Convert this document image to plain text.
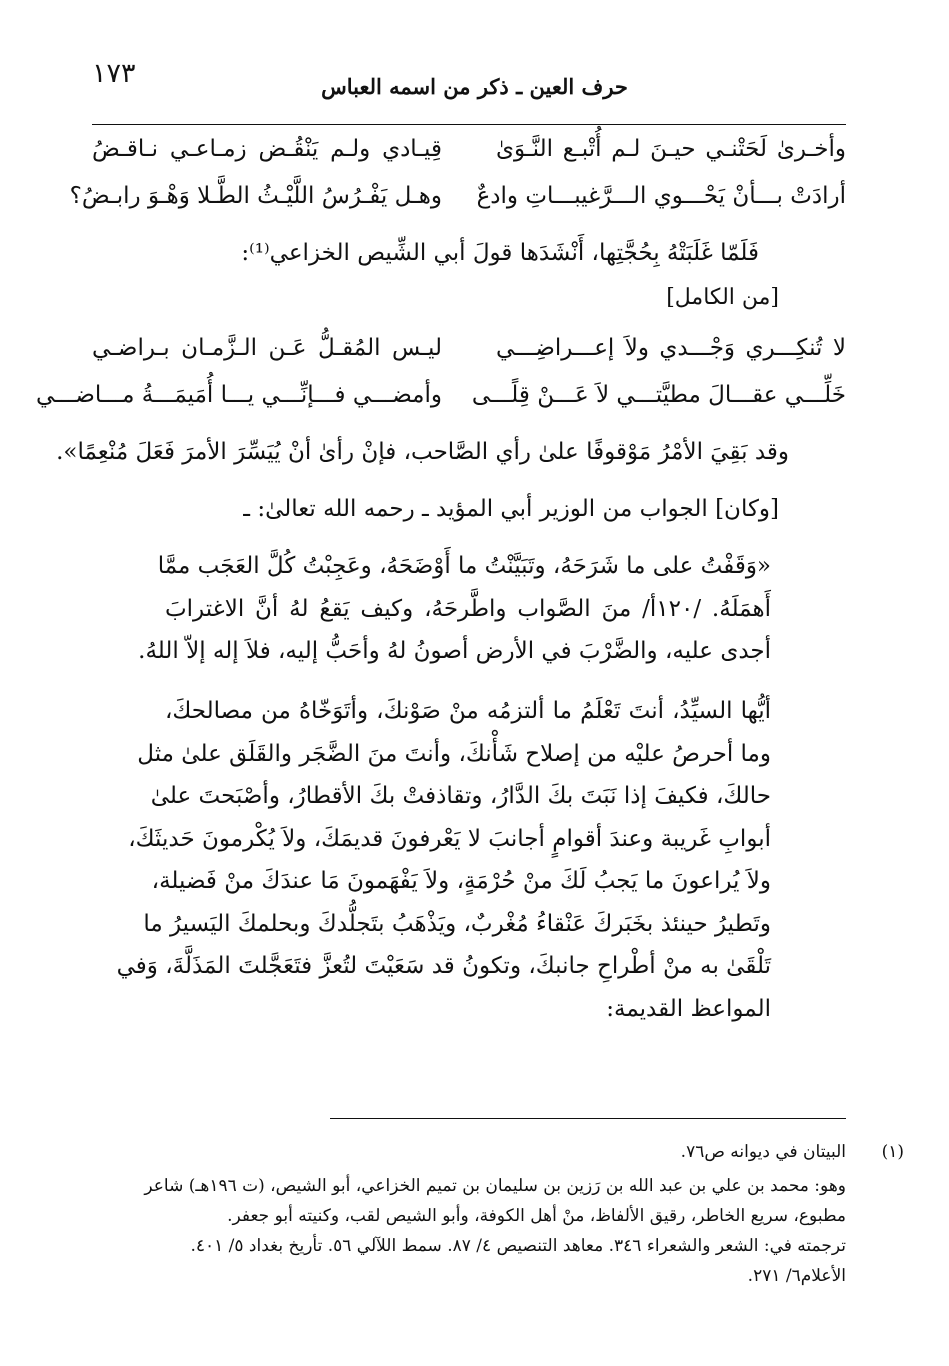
١٧٣	حرف العين ـ ذكر من اسمه العباس
وأخـرىٰ لَحَتْنـي حيـنَ لـم أُتْبـع النَّـوَىٰ
قِيـادي ولـم يَنْقُـض زمـاعـي نـاقـضُ
أرادَتْ بـــأنْ يَحْـــوي الـــرَّغيبـــاتِ وادعٌ
وهـل يَفْـرُسُ اللَّيْـثُ الطَّـلا وَهْـوَ رابـضُ؟
فَلَمّا غَلَبَتْهُ بِحُجَّتِها، أَنْشَدَها قولَ أبي الشِّيص الخزاعي⁽¹⁾:
[من الكامل]
لا تُنكِـــري وَجْـــدي ولاَ إعـــراضِـــي
ليـس المُقـلُّ عَـن الـزَّمـان بـراضـي
خَلِّـــي عقـــالَ مطيَّتـــي لاَ عَـــنْ قِلًـــى
وأمضـــي فـــإنِّـــي يـــا أُمَيمَـــةُ مـــاضـــي
وقد بَقِيَ الأمْرُ مَوْقوفًا علىٰ رأي الصَّاحب، فإنْ رأىٰ أنْ يُيَسِّرَ الأمرَ فَعَلَ مُنْعِمًا».
[وكان] الجواب من الوزير أبي المؤيد ـ رحمه الله تعالىٰ: ـ
«وَقَفْتُ على ما شَرَحَهُ، وتَبَيَّنْتُ ما أَوْضَحَهُ، وعَجِبْتُ كُلَّ العَجَب ممَّا
أَهمَلَهُ. /١٢٠أ/ منَ الصَّواب واطَّرحَهُ، وكيف يَقعُ لهُ أنَّ الاغترابَ
أجدى عليه، والضَّرْبَ في الأرض أصونُ لهُ وأحَبُّ إليه، فلاَ إله إلاّ اللهُ.
أيُّها السيِّدُ، أنتَ تَعْلَمُ ما ألتزمُه منْ صَوْنكَ، وأتَوَخّاهُ من مصالحكَ،
وما أحرصُ عليْه من إصلاح شَأْنكَ، وأنتَ منَ الضَّجَر والقَلَق علىٰ مثل
حالكَ، فكيفَ إذا نَبَتَ بكَ الدَّارُ، وتقاذفتْ بكَ الأقطارُ، وأصْبَحتَ علىٰ
أبوابِ غَريبة وعندَ أقوامٍ أجانبَ لا يَعْرفونَ قديمَكَ، ولاَ يُكْرمونَ حَديثَكَ،
ولاَ يُراعونَ ما يَجبُ لَكَ منْ حُرْمَةٍ، ولاَ يَفْهَمونَ مَا عندَكَ منْ فَضيلة،
وتَطيرُ حينئذ بخَبَركَ عَنْقاءُ مُغْربٌ، ويَذْهَبُ بتَجلُّدكَ وبحلمكَ اليَسيرُ ما
تَلْقَىٰ به منْ أطْراحِ جانبكَ، وتكونُ قد سَعَيْتَ لتُعزَّ فتَعَجَّلتَ المَذَلَّةَ، وَفي
المواعظ القديمة:
(١)
البيتان في ديوانه ص٧٦.
وهو: محمد بن علي بن عبد الله بن رَزين بن سليمان بن تميم الخزاعي، أبو الشيص، (ت ١٩٦هـ) شاعر
مطبوع، سريع الخاطر، رقيق الألفاظ، منْ أهل الكوفة، وأبو الشيص لقب، وكنيته أبو جعفر.
ترجمته في: الشعر والشعراء ٣٤٦. معاهد التنصيص ٤/ ٨٧. سمط اللآلي ٥٦. تأريخ بغداد ٥/ ٤٠١.
الأعلام٦/ ٢٧١.
